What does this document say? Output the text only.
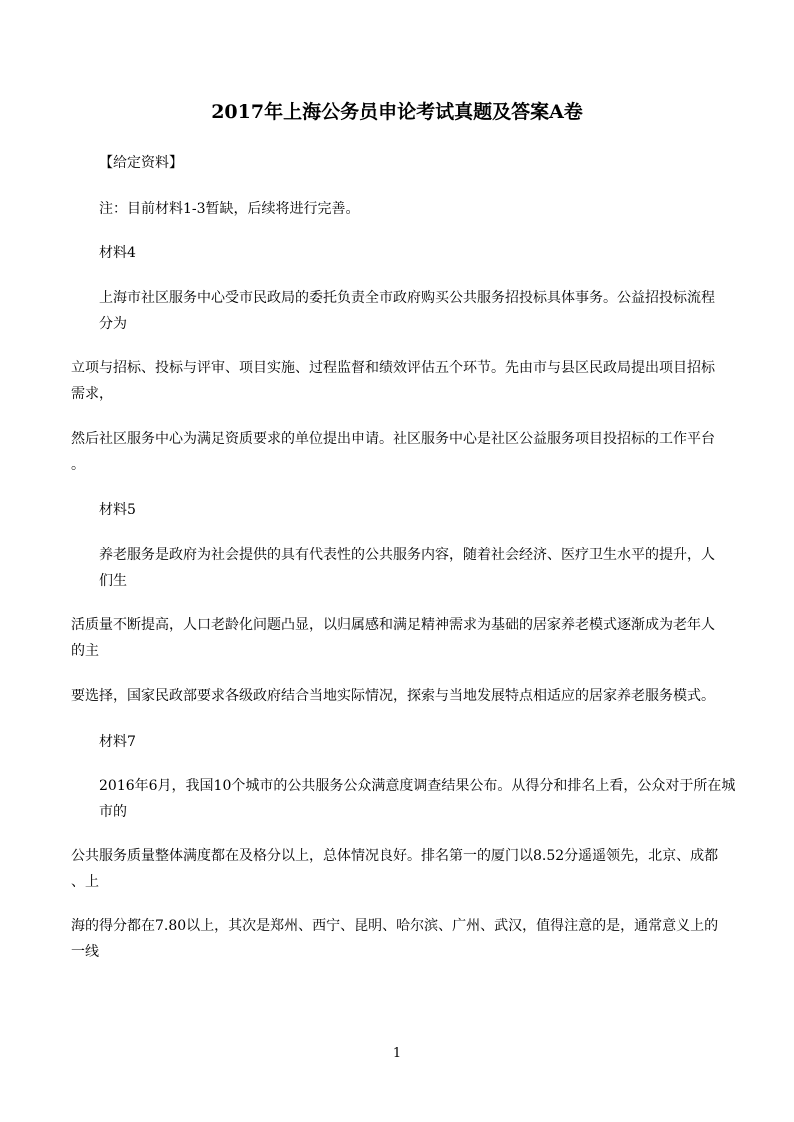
2017年上海公务员申论考试真题及答案A卷
【给定资料】
注：目前材料1-3暂缺，后续将进行完善。
材料4
上海市社区服务中心受市民政局的委托负责全市政府购买公共服务招投标具体事务。公益招投标流程
分为
立项与招标、投标与评审、项目实施、过程监督和绩效评估五个环节。先由市与县区民政局提出项目招标
需求，
然后社区服务中心为满足资质要求的单位提出申请。社区服务中心是社区公益服务项目投招标的工作平台
。
材料5
养老服务是政府为社会提供的具有代表性的公共服务内容，随着社会经济、医疗卫生水平的提升，人
们生
活质量不断提高，人口老龄化问题凸显，以归属感和满足精神需求为基础的居家养老模式逐渐成为老年人
的主
要选择，国家民政部要求各级政府结合当地实际情况，探索与当地发展特点相适应的居家养老服务模式。
材料7
2016年6月，我国10个城市的公共服务公众满意度调查结果公布。从得分和排名上看，公众对于所在城
市的
公共服务质量整体满度都在及格分以上，总体情况良好。排名第一的厦门以8.52分遥遥领先，北京、成都
、上
海的得分都在7.80以上，其次是郑州、西宁、昆明、哈尔滨、广州、武汉，值得注意的是，通常意义上的
一线
1
